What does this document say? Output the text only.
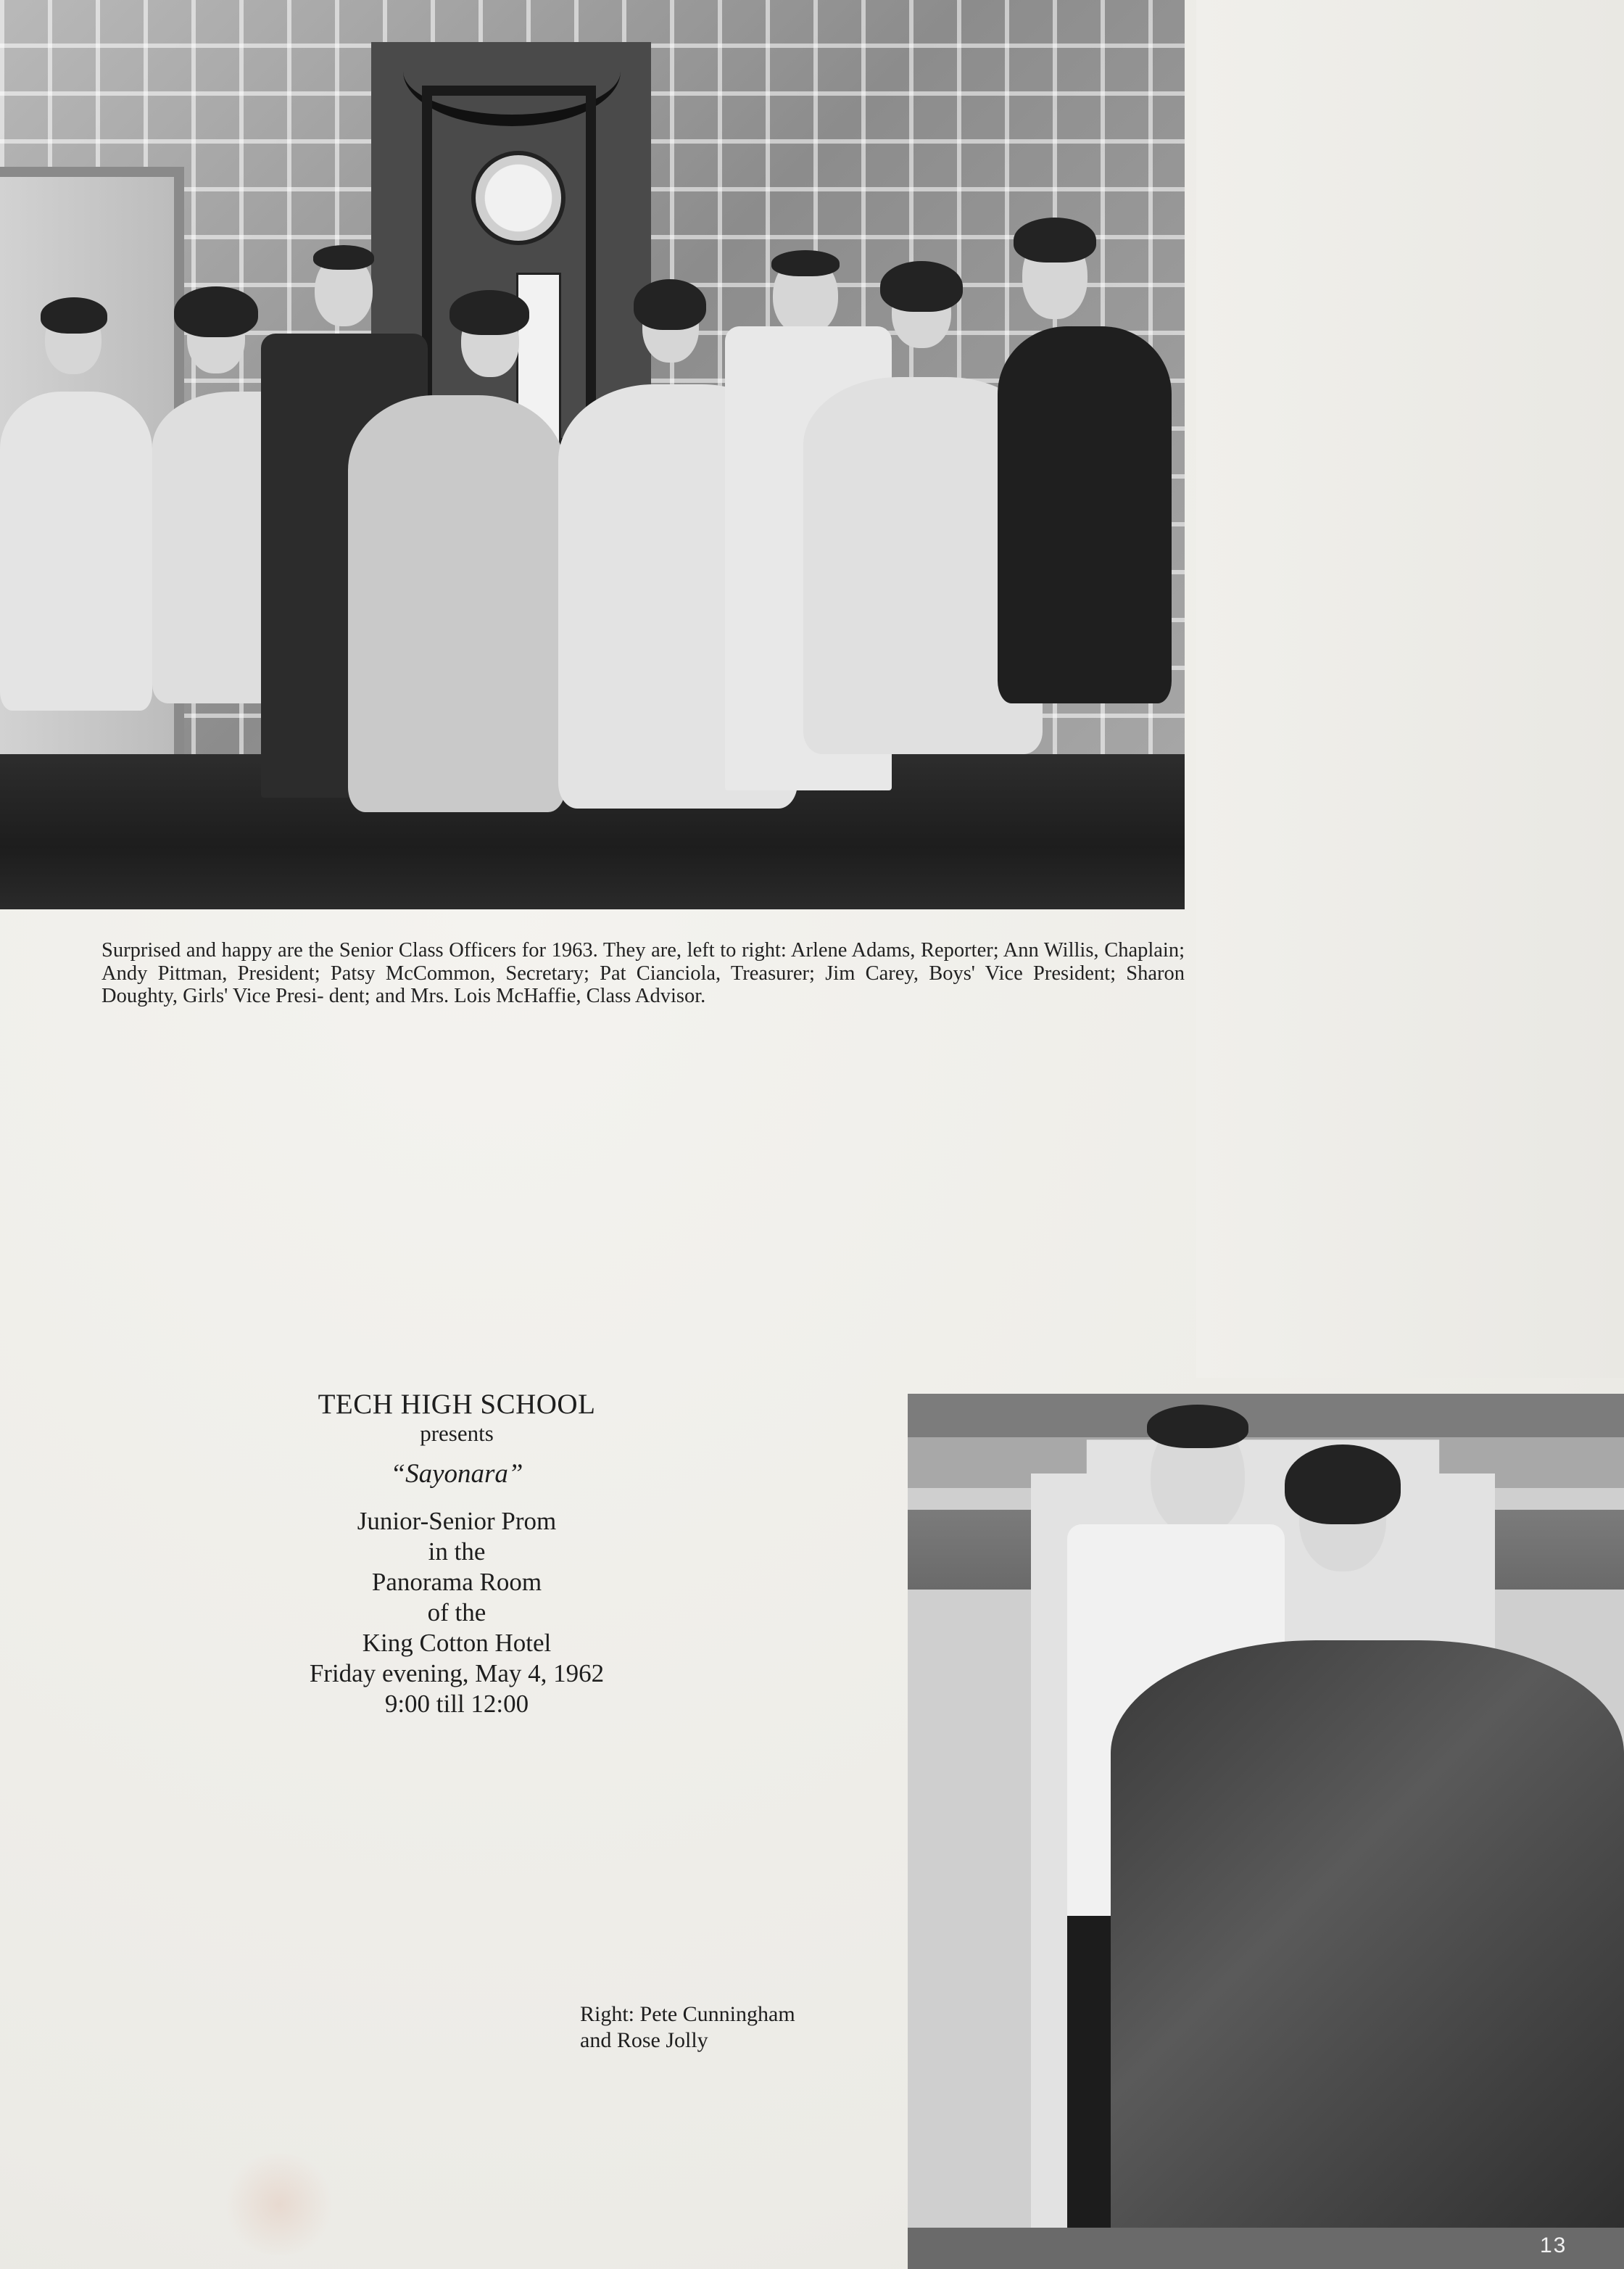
Surprised and happy are the Senior Class Officers for 1963. They are, left to right: Arlene Adams, Reporter; Ann Willis, Chaplain; Andy Pittman, President; Patsy McCommon, Secretary; Pat Cianciola, Treasurer; Jim Carey, Boys' Vice President; Sharon Doughty, Girls' Vice Presi- dent; and Mrs. Lois McHaffie, Class Advisor.
TECH HIGH SCHOOL
presents
“Sayonara”
Junior-Senior Prom
in the
Panorama Room
of the
King Cotton Hotel
Friday evening, May 4, 1962
9:00 till 12:00
Right: Pete Cunningham
and Rose Jolly
13
